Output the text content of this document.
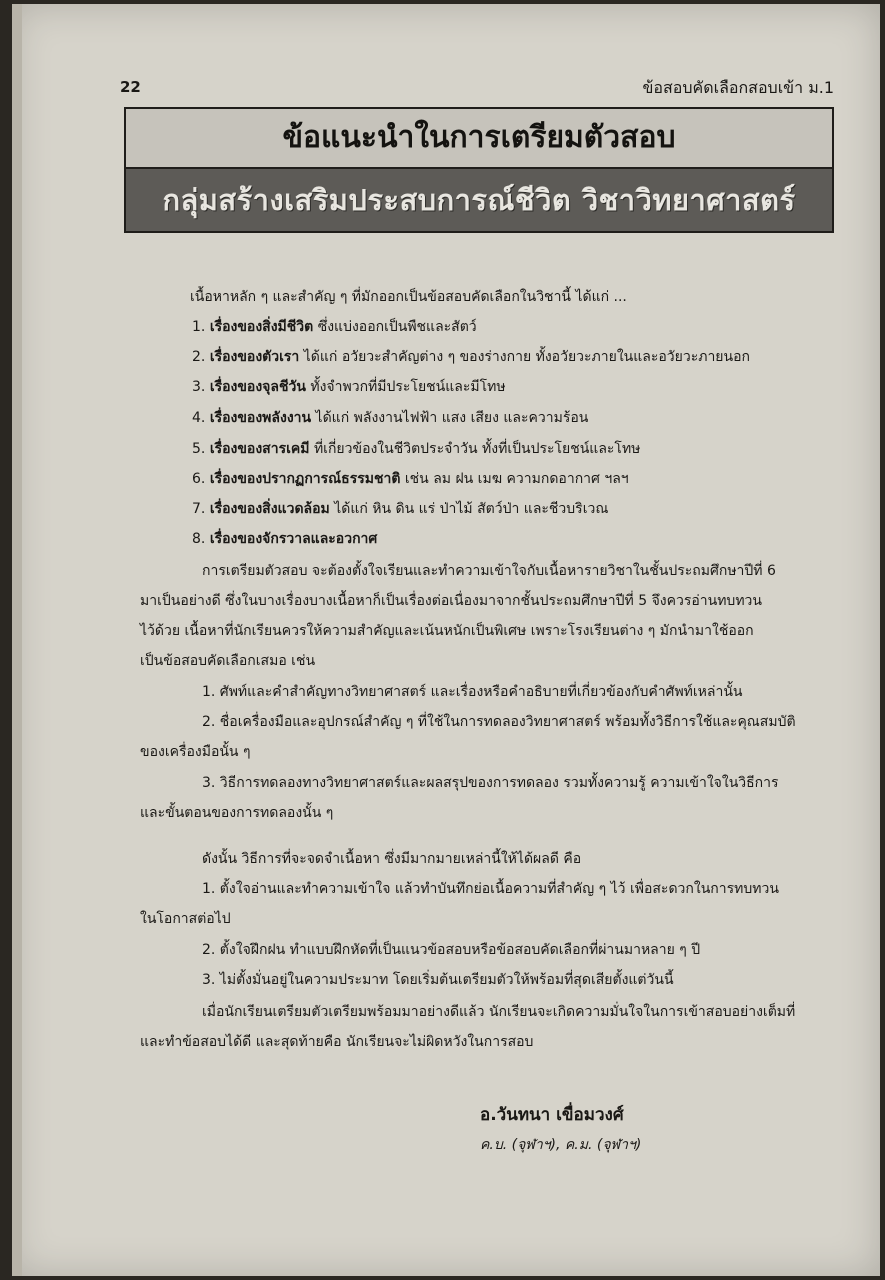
22	ข้อสอบคัดเลือกสอบเข้า ม.1
ข้อแนะนำในการเตรียมตัวสอบ
กลุ่มสร้างเสริมประสบการณ์ชีวิต วิชาวิทยาศาสตร์
เนื้อหาหลัก ๆ และสำคัญ ๆ ที่มักออกเป็นข้อสอบคัดเลือกในวิชานี้ ได้แก่ ...
1. เรื่องของสิ่งมีชีวิต ซึ่งแบ่งออกเป็นพืชและสัตว์
2. เรื่องของตัวเรา ได้แก่ อวัยวะสำคัญต่าง ๆ ของร่างกาย ทั้งอวัยวะภายในและอวัยวะภายนอก
3. เรื่องของจุลชีวัน ทั้งจำพวกที่มีประโยชน์และมีโทษ
4. เรื่องของพลังงาน ได้แก่ พลังงานไฟฟ้า แสง เสียง และความร้อน
5. เรื่องของสารเคมี ที่เกี่ยวข้องในชีวิตประจำวัน ทั้งที่เป็นประโยชน์และโทษ
6. เรื่องของปรากฏการณ์ธรรมชาติ เช่น ลม ฝน เมฆ ความกดอากาศ ฯลฯ
7. เรื่องของสิ่งแวดล้อม ได้แก่ หิน ดิน แร่ ป่าไม้ สัตว์ป่า และชีวบริเวณ
8. เรื่องของจักรวาลและอวกาศ
การเตรียมตัวสอบ จะต้องตั้งใจเรียนและทำความเข้าใจกับเนื้อหารายวิชาในชั้นประถมศึกษาปีที่ 6
มาเป็นอย่างดี ซึ่งในบางเรื่องบางเนื้อหาก็เป็นเรื่องต่อเนื่องมาจากชั้นประถมศึกษาปีที่ 5 จึงควรอ่านทบทวน
ไว้ด้วย เนื้อหาที่นักเรียนควรให้ความสำคัญและเน้นหนักเป็นพิเศษ เพราะโรงเรียนต่าง ๆ มักนำมาใช้ออก
เป็นข้อสอบคัดเลือกเสมอ เช่น
1. ศัพท์และคำสำคัญทางวิทยาศาสตร์ และเรื่องหรือคำอธิบายที่เกี่ยวข้องกับคำศัพท์เหล่านั้น
2. ชื่อเครื่องมือและอุปกรณ์สำคัญ ๆ ที่ใช้ในการทดลองวิทยาศาสตร์ พร้อมทั้งวิธีการใช้และคุณสมบัติ
ของเครื่องมือนั้น ๆ
3. วิธีการทดลองทางวิทยาศาสตร์และผลสรุปของการทดลอง รวมทั้งความรู้ ความเข้าใจในวิธีการ
และขั้นตอนของการทดลองนั้น ๆ
ดังนั้น วิธีการที่จะจดจำเนื้อหา ซึ่งมีมากมายเหล่านี้ให้ได้ผลดี คือ
1. ตั้งใจอ่านและทำความเข้าใจ แล้วทำบันทึกย่อเนื้อความที่สำคัญ ๆ ไว้ เพื่อสะดวกในการทบทวน
ในโอกาสต่อไป
2. ตั้งใจฝึกฝน ทำแบบฝึกหัดที่เป็นแนวข้อสอบหรือข้อสอบคัดเลือกที่ผ่านมาหลาย ๆ ปี
3. ไม่ตั้งมั่นอยู่ในความประมาท โดยเริ่มต้นเตรียมตัวให้พร้อมที่สุดเสียตั้งแต่วันนี้
เมื่อนักเรียนเตรียมตัวเตรียมพร้อมมาอย่างดีแล้ว นักเรียนจะเกิดความมั่นใจในการเข้าสอบอย่างเต็มที่
และทำข้อสอบได้ดี และสุดท้ายคือ นักเรียนจะไม่ผิดหวังในการสอบ
อ.วันทนา เขื่อมวงศ์
ค.บ. (จุฬาฯ), ค.ม. (จุฬาฯ)
